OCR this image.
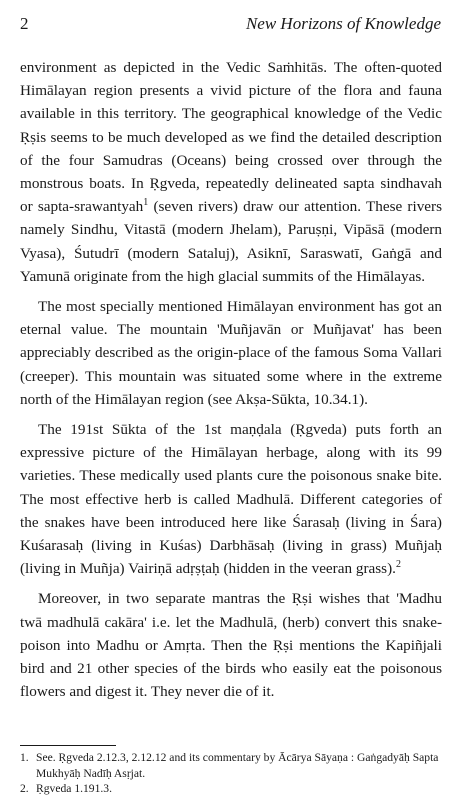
2	New Horizons of Knowledge

environment as depicted in the Vedic Saṁhitās. The often-quoted Himālayan region presents a vivid picture of the flora and fauna available in this territory. The geographical knowledge of the Vedic Ṛṣis seems to be much developed as we find the detailed description of the four Samudras (Oceans) being crossed over through the monstrous boats. In Ṛgveda, repeatedly delineated sapta sindhavah or sapta-srawantyah$^1$ (seven rivers) draw our attention. These rivers namely Sindhu, Vitastā (modern Jhelam), Paruṣṇi, Vipāsā (modern Vyasa), Śutudrī (modern Sataluj), Asiknī, Saraswatī, Gaṅgā and Yamunā originate from the high glacial summits of the Himālayas.

The most specially mentioned Himālayan environment has got an eternal value. The mountain 'Muñjavān or Muñjavat' has been appreciably described as the origin-place of the famous Soma Vallari (creeper). This mountain was situated some where in the extreme north of the Himālayan region (see Akṣa-Sūkta, 10.34.1).

The 191st Sūkta of the 1st maṇḍala (Ṛgveda) puts forth an expressive picture of the Himālayan herbage, along with its 99 varieties. These medically used plants cure the poisonous snake bite. The most effective herb is called Madhulā. Different categories of the snakes have been introduced here like Śarasaḥ (living in Śara) Kuśarasaḥ (living in Kuśas) Darbhāsaḥ (living in grass) Muñjaḥ (living in Muñja) Vairiṇā adṛṣṭaḥ (hidden in the veeran grass).$^2$

Moreover, in two separate mantras the Ṛṣi wishes that 'Madhu twā madhulā cakāra' i.e. let the Madhulā, (herb) convert this snake-poison into Madhu or Amṛta. Then the Ṛṣi mentions the Kapiñjali bird and 21 other species of the birds who easily eat the poisonous flowers and digest it. They never die of it.

1. See. Ṛgveda 2.12.3, 2.12.12 and its commentary by Ācārya Sāyaṇa : Gaṅgadyāḥ Sapta Mukhyāḥ Nadīḥ Asṛjat.
2. Ṛgveda 1.191.3.
